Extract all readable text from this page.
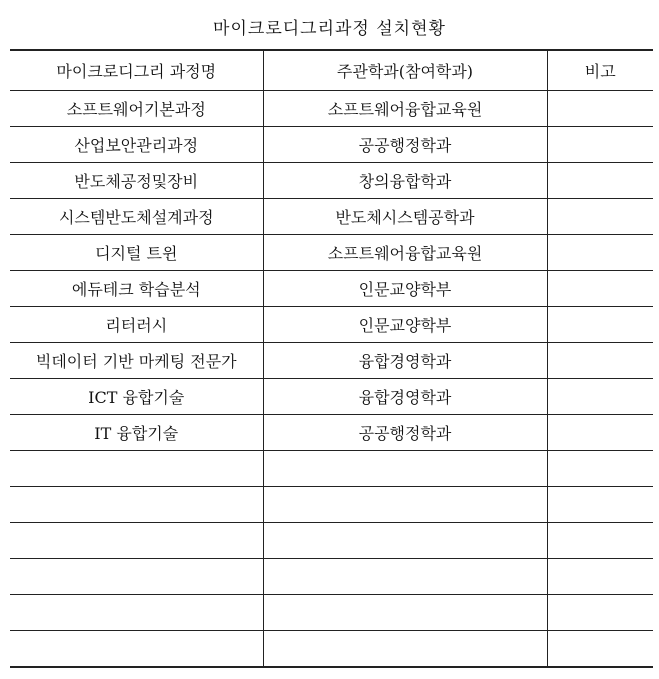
마이크로디그리과정 설치현황
마이크로디그리 과정명	주관학과(참여학과)	비고
소프트웨어기본과정	소프트웨어융합교육원	
산업보안관리과정	공공행정학과	
반도체공정및장비	창의융합학과	
시스템반도체설계과정	반도체시스템공학과	
디지털 트윈	소프트웨어융합교육원	
에듀테크 학습분석	인문교양학부	
리터러시	인문교양학부	
빅데이터 기반 마케팅 전문가	융합경영학과	
ICT 융합기술	융합경영학과	
IT 융합기술	공공행정학과	
